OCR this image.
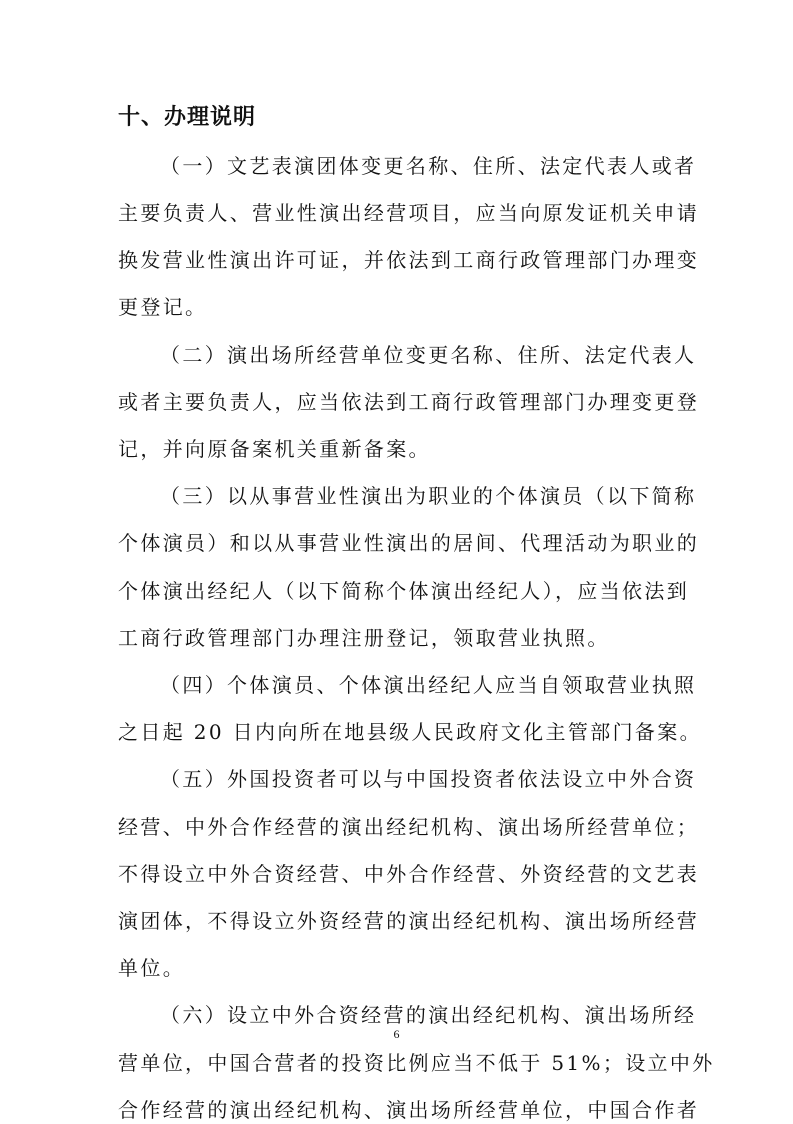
十、办理说明
（一）文艺表演团体变更名称、住所、法定代表人或者
主要负责人、营业性演出经营项目，应当向原发证机关申请
换发营业性演出许可证，并依法到工商行政管理部门办理变
更登记。
（二）演出场所经营单位变更名称、住所、法定代表人
或者主要负责人，应当依法到工商行政管理部门办理变更登
记，并向原备案机关重新备案。
（三）以从事营业性演出为职业的个体演员（以下简称
个体演员）和以从事营业性演出的居间、代理活动为职业的
个体演出经纪人（以下简称个体演出经纪人），应当依法到
工商行政管理部门办理注册登记，领取营业执照。
（四）个体演员、个体演出经纪人应当自领取营业执照
之日起 20 日内向所在地县级人民政府文化主管部门备案。
（五）外国投资者可以与中国投资者依法设立中外合资
经营、中外合作经营的演出经纪机构、演出场所经营单位；
不得设立中外合资经营、中外合作经营、外资经营的文艺表
演团体，不得设立外资经营的演出经纪机构、演出场所经营
单位。
（六）设立中外合资经营的演出经纪机构、演出场所经
营单位，中国合营者的投资比例应当不低于 51%；设立中外
合作经营的演出经纪机构、演出场所经营单位，中国合作者
6
